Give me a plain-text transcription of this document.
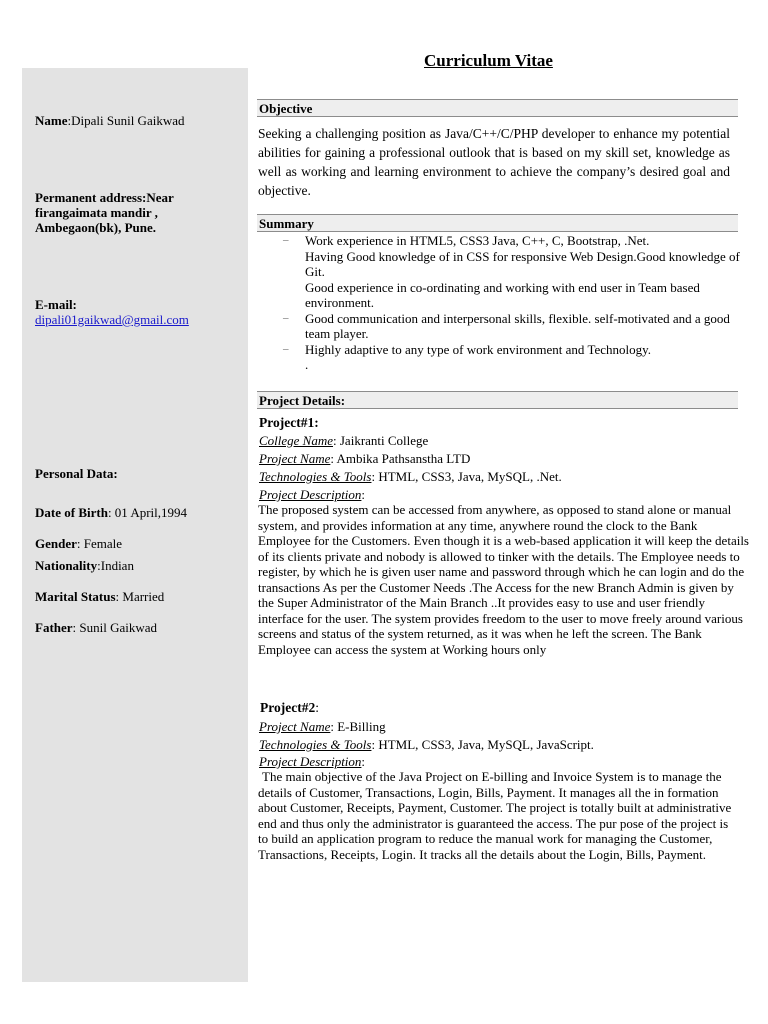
Curriculum Vitae
Name:Dipali Sunil Gaikwad
Permanent address:Near firangaimata mandir , Ambegaon(bk), Pune.
E-mail:
dipali01gaikwad@gmail.com
Personal Data:
Date of Birth: 01 April,1994 Gender: Female
Nationality:Indian
Marital Status: Married
Father: Sunil Gaikwad
Objective
Seeking a challenging position as Java/C++/C/PHP developer to enhance my potential abilities for gaining a professional outlook that is based on my skill set, knowledge as well as working and learning environment to achieve the company’s desired goal and objective.
Summary
–	Work experience in HTML5, CSS3 Java, C++, C, Bootstrap, .Net.
Having Good knowledge of in CSS for responsive Web Design.Good knowledge of Git.
Good experience in co-ordinating and working with end user in Team based environment.
–	Good communication and interpersonal skills, flexible. self-motivated and a good team player.
–	Highly adaptive to any type of work environment and Technology.
.
Project Details:
Project#1:
College Name: Jaikranti College
Project Name: Ambika Pathsanstha LTD
Technologies & Tools: HTML, CSS3, Java, MySQL, .Net.
Project Description:
The proposed system can be accessed from anywhere, as opposed to stand alone or manual system, and provides information at any time, anywhere round the clock to the Bank Employee for the Customers. Even though it is a web-based application it will keep the details of its clients private and nobody is allowed to tinker with the details. The Employee needs to register, by which he is given user name and password through which he can login and do the transactions As per the Customer Needs .The Access for the new Branch Admin is given by the Super Administrator of the Main Branch ..It provides easy to use and user friendly interface for the user. The system provides freedom to the user to move freely around various screens and status of the system returned, as it was when he left the screen. The Bank Employee can access the system at Working hours only
Project#2:
Project Name: E-Billing
Technologies & Tools: HTML, CSS3, Java, MySQL, JavaScript.
Project Description:
The main objective of the Java Project on E-billing and Invoice System is to manage the details of Customer, Transactions, Login, Bills, Payment. It manages all the in formation about Customer, Receipts, Payment, Customer. The project is totally built at administrative end and thus only the administrator is guaranteed the access. The pur pose of the project is to build an application program to reduce the manual work for managing the Customer, Transactions, Receipts, Login. It tracks all the details about the Login, Bills, Payment.
